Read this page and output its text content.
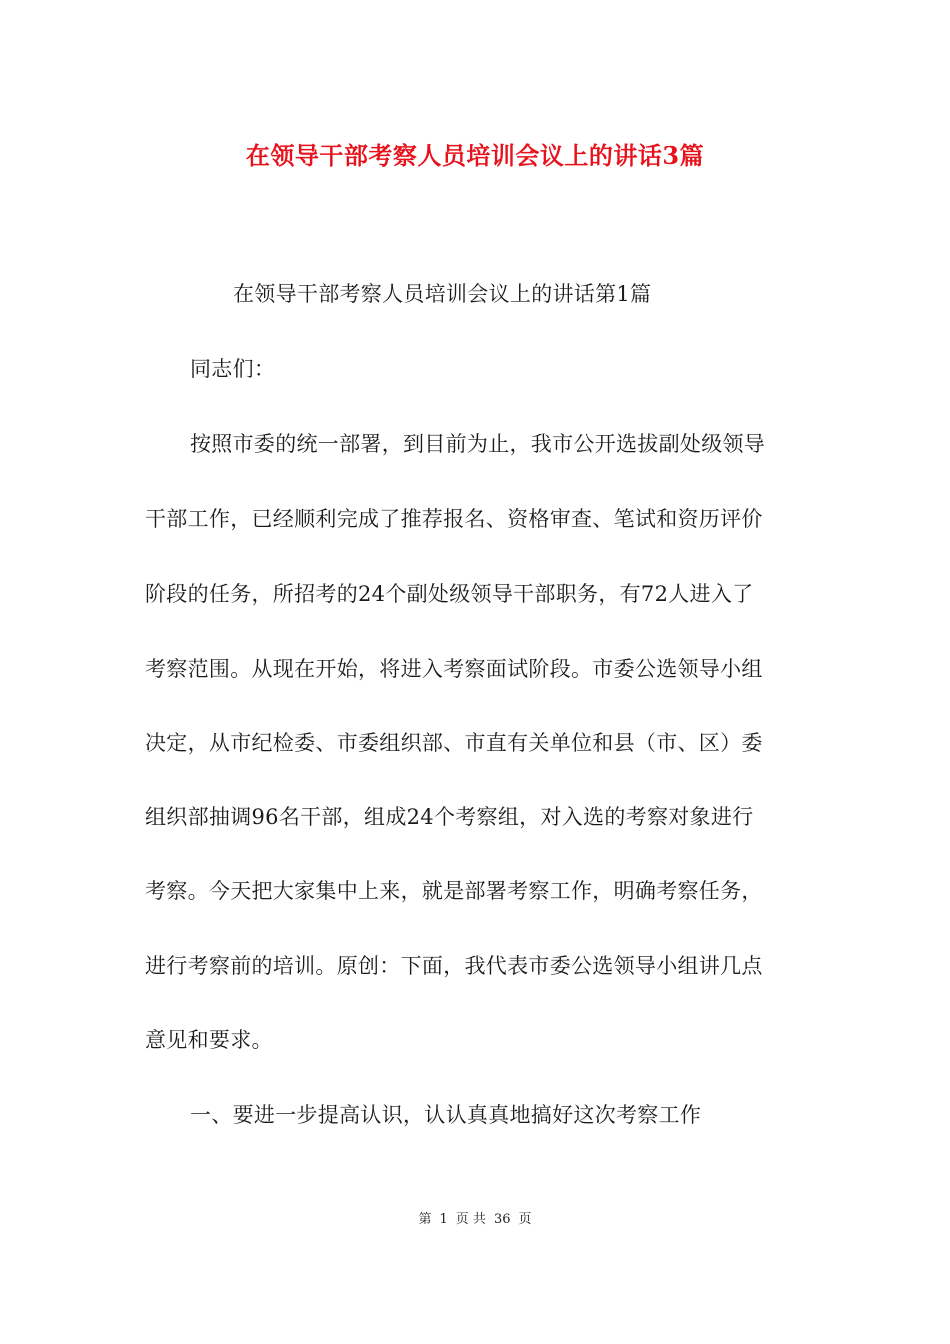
在领导干部考察人员培训会议上的讲话3篇
在领导干部考察人员培训会议上的讲话第1篇
同志们：
按照市委的统一部署，到目前为止，我市公开选拔副处级领导
干部工作，已经顺利完成了推荐报名、资格审查、笔试和资历评价
阶段的任务，所招考的24个副处级领导干部职务，有72人进入了
考察范围。从现在开始，将进入考察面试阶段。市委公选领导小组
决定，从市纪检委、市委组织部、市直有关单位和县（市、区）委
组织部抽调96名干部，组成24个考察组，对入选的考察对象进行
考察。今天把大家集中上来，就是部署考察工作，明确考察任务，
进行考察前的培训。原创：下面，我代表市委公选领导小组讲几点
意见和要求。
一、要进一步提高认识，认认真真地搞好这次考察工作
第 1 页 共 36 页
